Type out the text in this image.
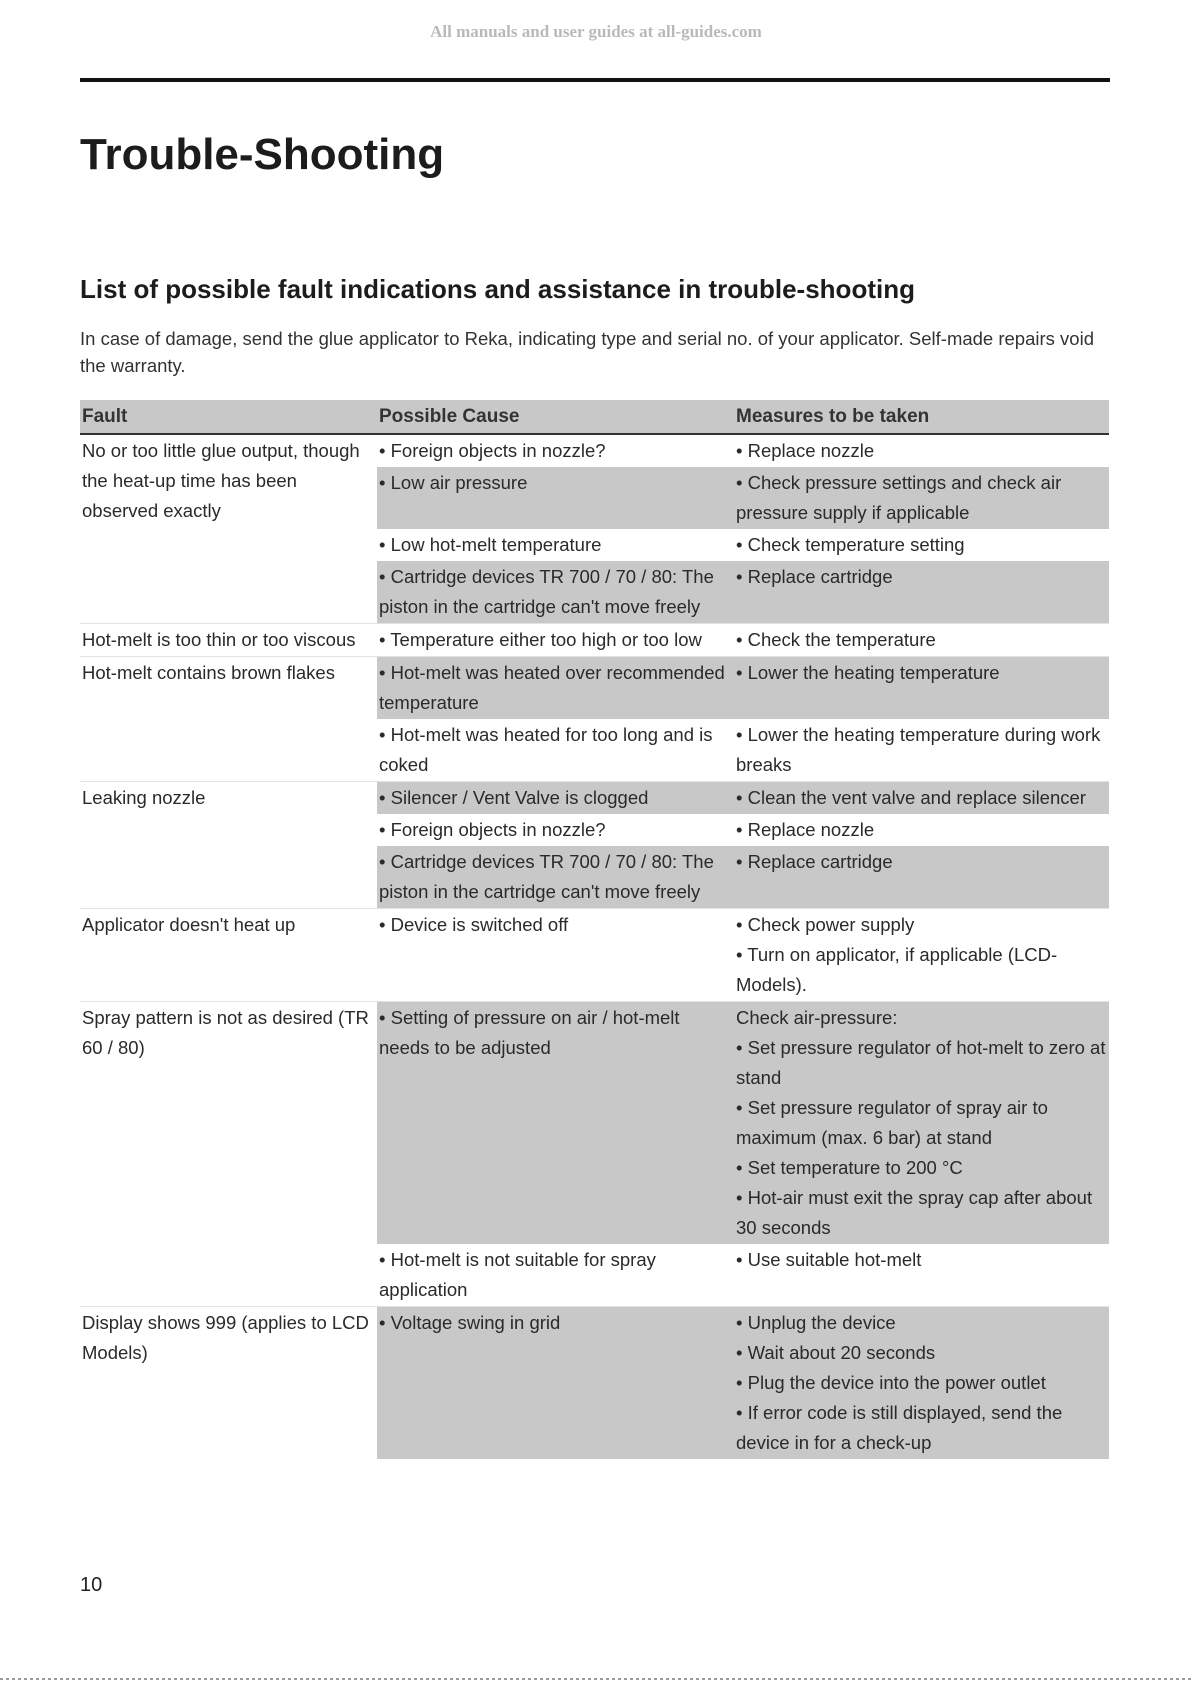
All manuals and user guides at all-guides.com
Trouble-Shooting
List of possible fault indications and assistance in trouble-shooting

In case of damage, send the glue applicator to Reka, indicating type and serial no. of your applicator. Self-made repairs void the warranty.

Fault	Possible Cause	Measures to be taken
No or too little glue output, though the heat-up time has been observed exactly	• Foreign objects in nozzle?	• Replace nozzle

	• Low air pressure	• Check pressure settings and check air pressure supply if applicable

	• Low hot-melt temperature	• Check temperature setting

	• Cartridge devices TR 700 / 70 / 80: The piston in the cartridge can't move freely	• Replace cartridge

Hot-melt is too thin or too viscous	• Temperature either too high or too low	• Check the temperature

Hot-melt contains brown flakes	• Hot-melt was heated over recommended temperature	• Lower the heating temperature

	• Hot-melt was heated for too long and is coked	• Lower the heating temperature during work breaks

Leaking nozzle	• Silencer / Vent Valve is clogged	• Clean the vent valve and replace silencer

	• Foreign objects in nozzle?	• Replace nozzle

	• Cartridge devices TR 700 / 70 / 80: The piston in the cartridge can't move freely	• Replace cartridge

Applicator doesn't heat up	• Device is switched off	• Check power supply
• Turn on applicator, if applicable (LCD-Models).

Spray pattern is not as desired (TR 60 / 80)	• Setting of pressure on air / hot-melt needs to be adjusted	Check air-pressure:
• Set pressure regulator of hot-melt to zero at stand
• Set pressure regulator of spray air to maximum (max. 6 bar) at stand
• Set temperature to 200 °C
• Hot-air must exit the spray cap after about 30 seconds

	• Hot-melt is not suitable for spray application	• Use suitable hot-melt

Display shows 999 (applies to LCD Models)	• Voltage swing in grid	• Unplug the device
• Wait about 20 seconds
• Plug the device into the power outlet
• If error code is still displayed, send the device in for a check-up
10
